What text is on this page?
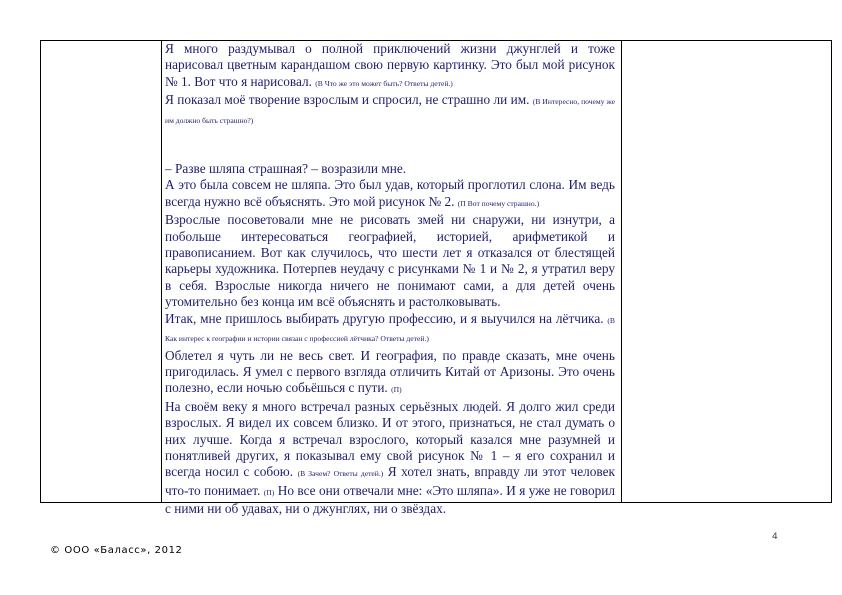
Я много раздумывал о полной приключений жизни джунглей и тоже нарисовал цветным карандашом свою первую картинку. Это был мой рисунок № 1. Вот что я нарисовал. (В Что же это может быть? Ответы детей.)

Я показал моё творение взрослым и спросил, не страшно ли им. (В Интересно, почему же им должно быть страшно?)

– Разве шляпа страшная? – возразили мне.

А это была совсем не шляпа. Это был удав, который проглотил слона. Им ведь всегда нужно всё объяснять. Это мой рисунок № 2. (П Вот почему страшно.)

Взрослые посоветовали мне не рисовать змей ни снаружи, ни изнутри, а побольше интересоваться географией, историей, арифметикой и правописанием. Вот как случилось, что шести лет я отказался от блестящей карьеры художника. Потерпев неудачу с рисунками № 1 и № 2, я утратил веру в себя. Взрослые никогда ничего не понимают сами, а для детей очень утомительно без конца им всё объяснять и растолковывать.

Итак, мне пришлось выбирать другую профессию, и я выучился на лётчика. (В Как интерес к географии и истории связан с профессией лётчика? Ответы детей.)

Облетел я чуть ли не весь свет. И география, по правде сказать, мне очень пригодилась. Я умел с первого взгляда отличить Китай от Аризоны. Это очень полезно, если ночью собьёшься с пути. (П)

На своём веку я много встречал разных серьёзных людей. Я долго жил среди взрослых. Я видел их совсем близко. И от этого, признаться, не стал думать о них лучше. Когда я встречал взрослого, который казался мне разумней и понятливей других, я показывал ему свой рисунок № 1 – я его сохранил и всегда носил с собою. (В Зачем? Ответы детей.) Я хотел знать, вправду ли этот человек что-то понимает. (П) Но все они отвечали мне: «Это шляпа». И я уже не говорил с ними ни об удавах, ни о джунглях, ни о звёздах.

4
© ООО «Баласс», 2012
